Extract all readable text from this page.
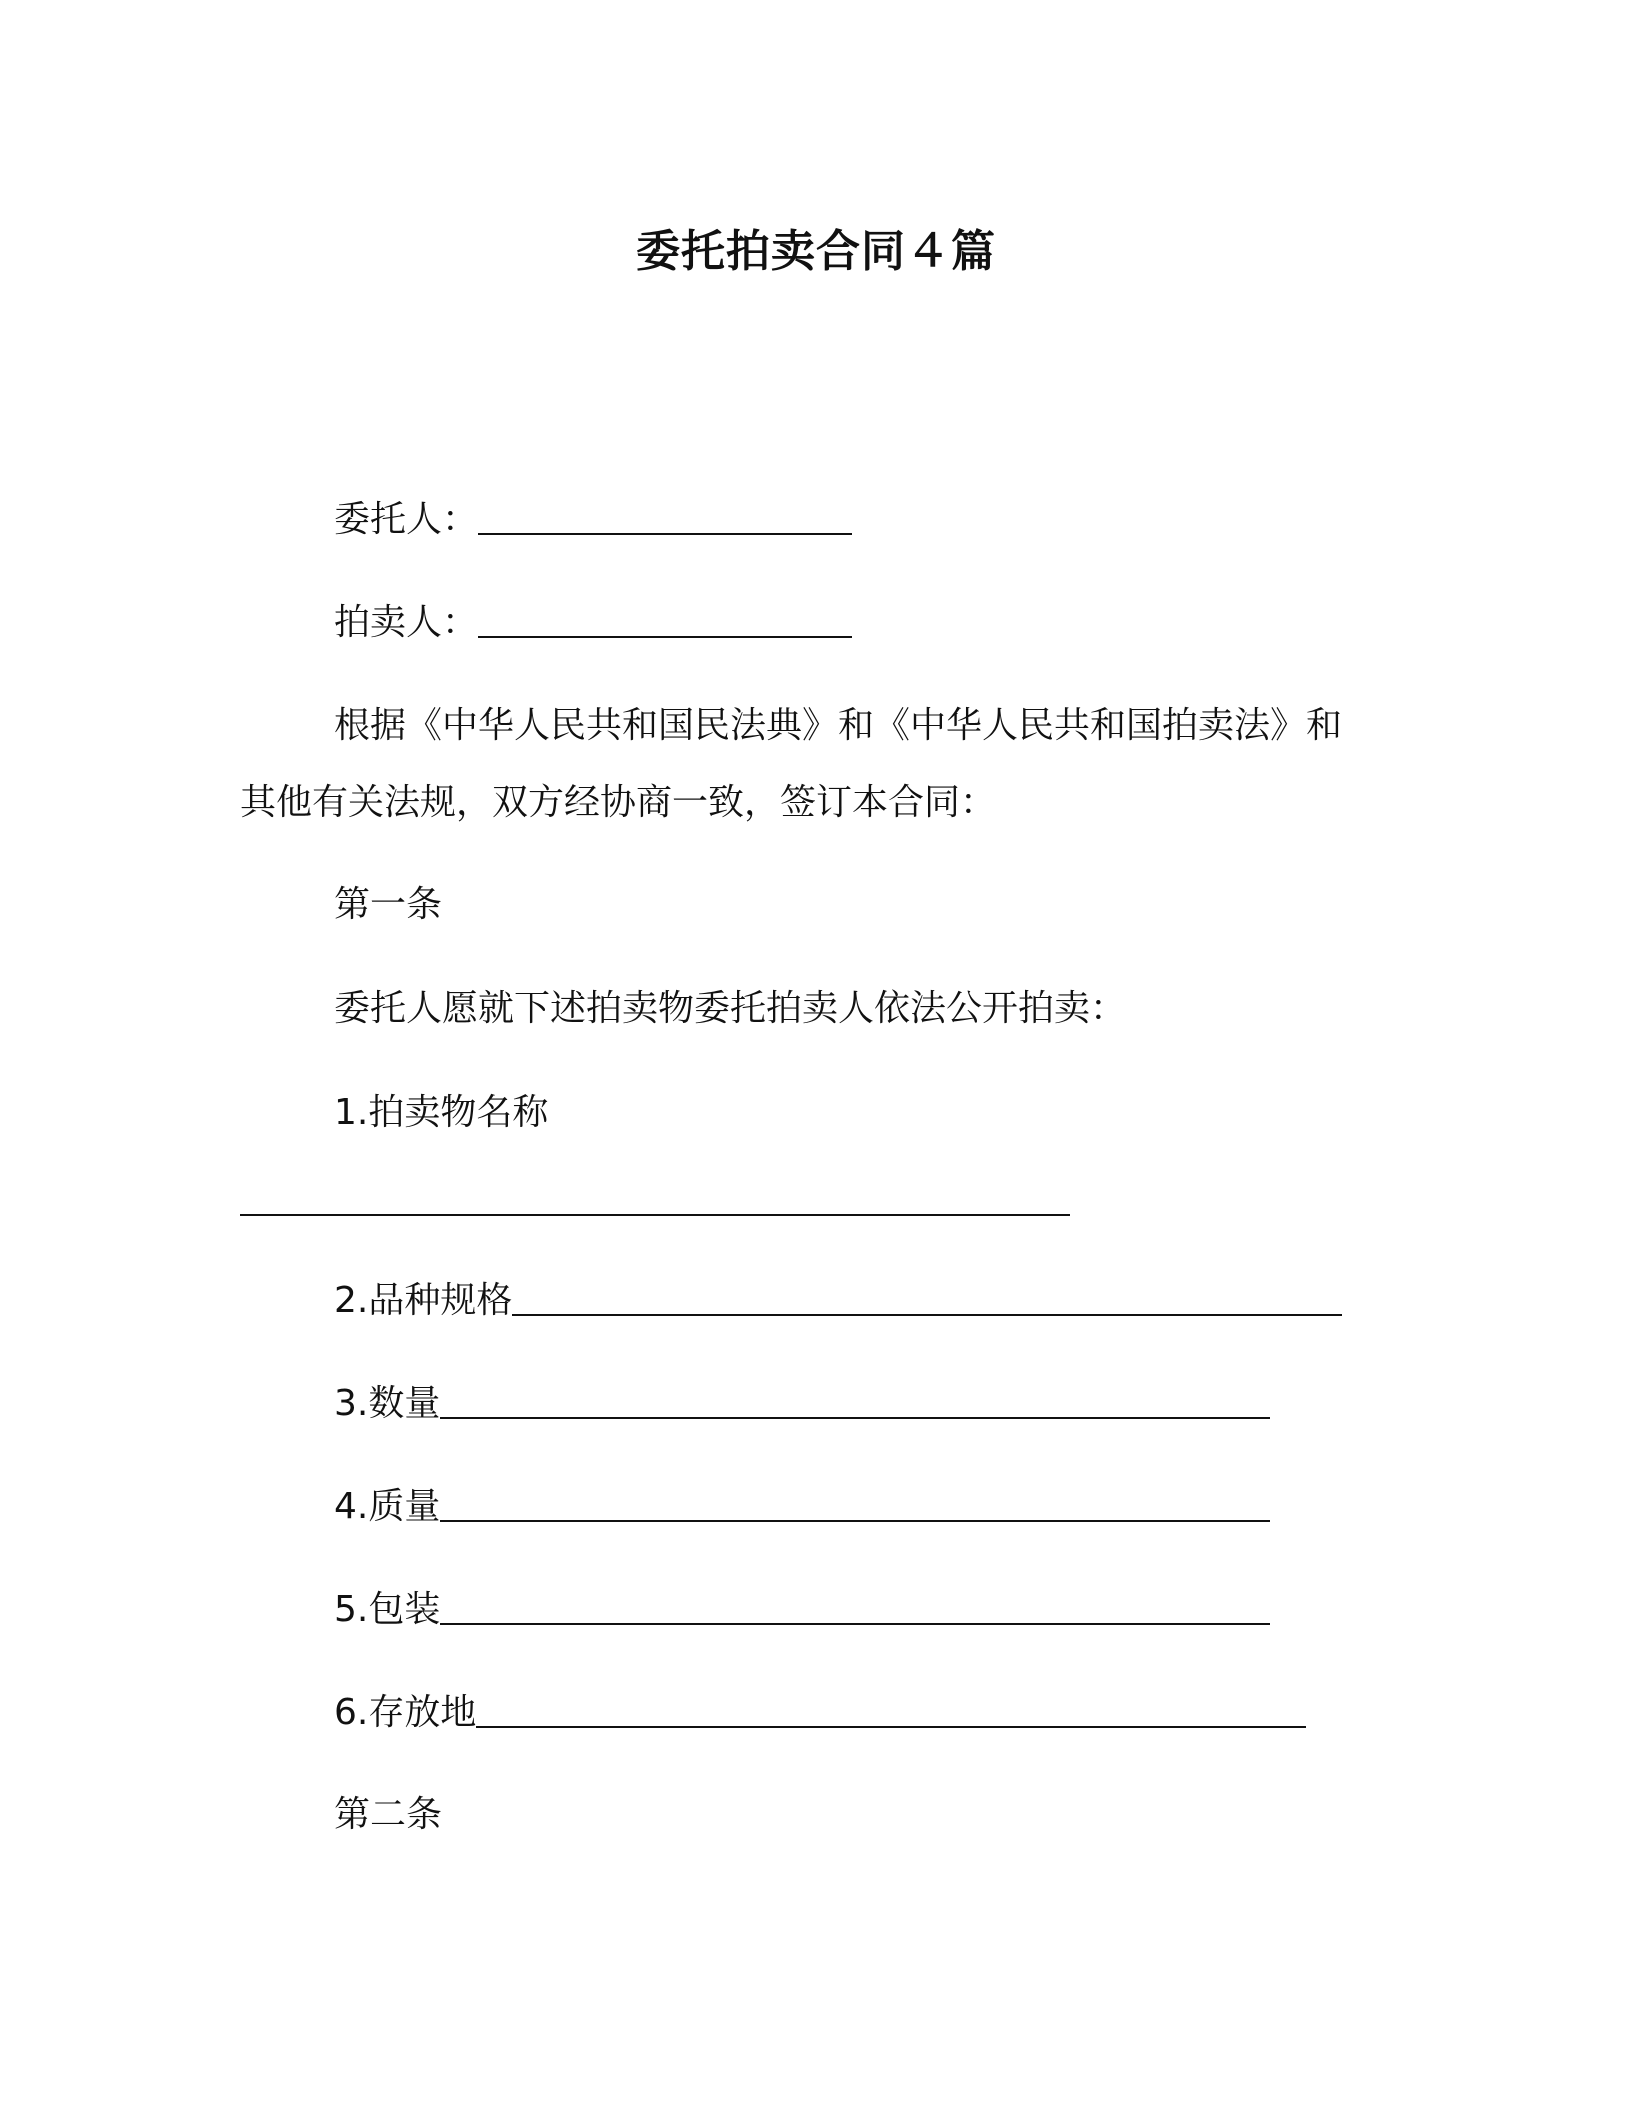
委托拍卖合同４篇
委托人：
拍卖人：
根据《中华人民共和国民法典》和《中华人民共和国拍卖法》和
其他有关法规，双方经协商一致，签订本合同：
第一条
委托人愿就下述拍卖物委托拍卖人依法公开拍卖：
1.拍卖物名称
2.品种规格
3.数量
4.质量
5.包装
6.存放地
第二条
